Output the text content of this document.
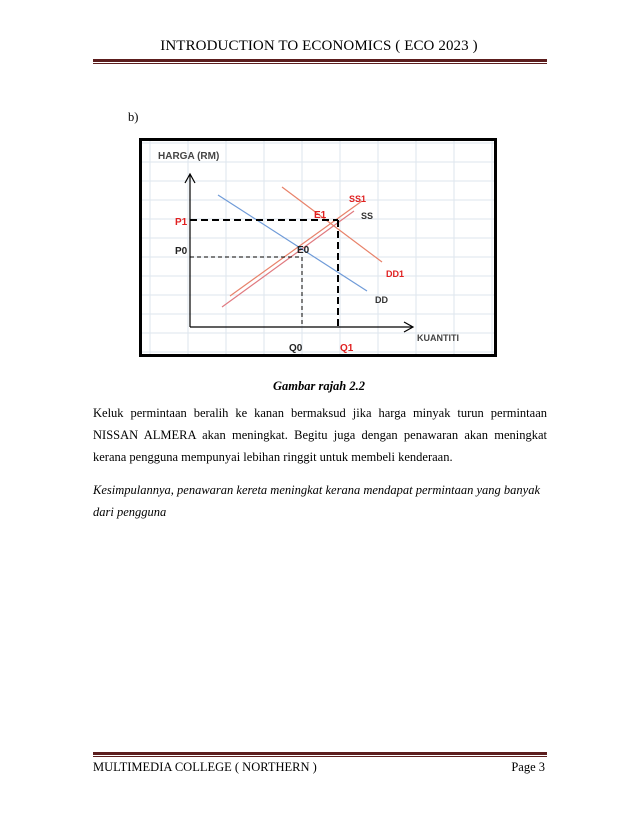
INTRODUCTION TO ECONOMICS ( ECO 2023 )
b)
HARGA (RM)
KUANTITI
P1
P0
Q0	Q1
E1
E0
SS1
SS
DD1
DD
Gambar rajah 2.2
Keluk permintaan beralih ke kanan bermaksud jika harga minyak turun permintaan NISSAN ALMERA akan meningkat. Begitu juga dengan penawaran akan meningkat kerana pengguna mempunyai lebihan ringgit untuk membeli kenderaan.
Kesimpulannya, penawaran kereta meningkat kerana mendapat permintaan yang banyak dari pengguna
MULTIMEDIA COLLEGE ( NORTHERN )	Page 3
